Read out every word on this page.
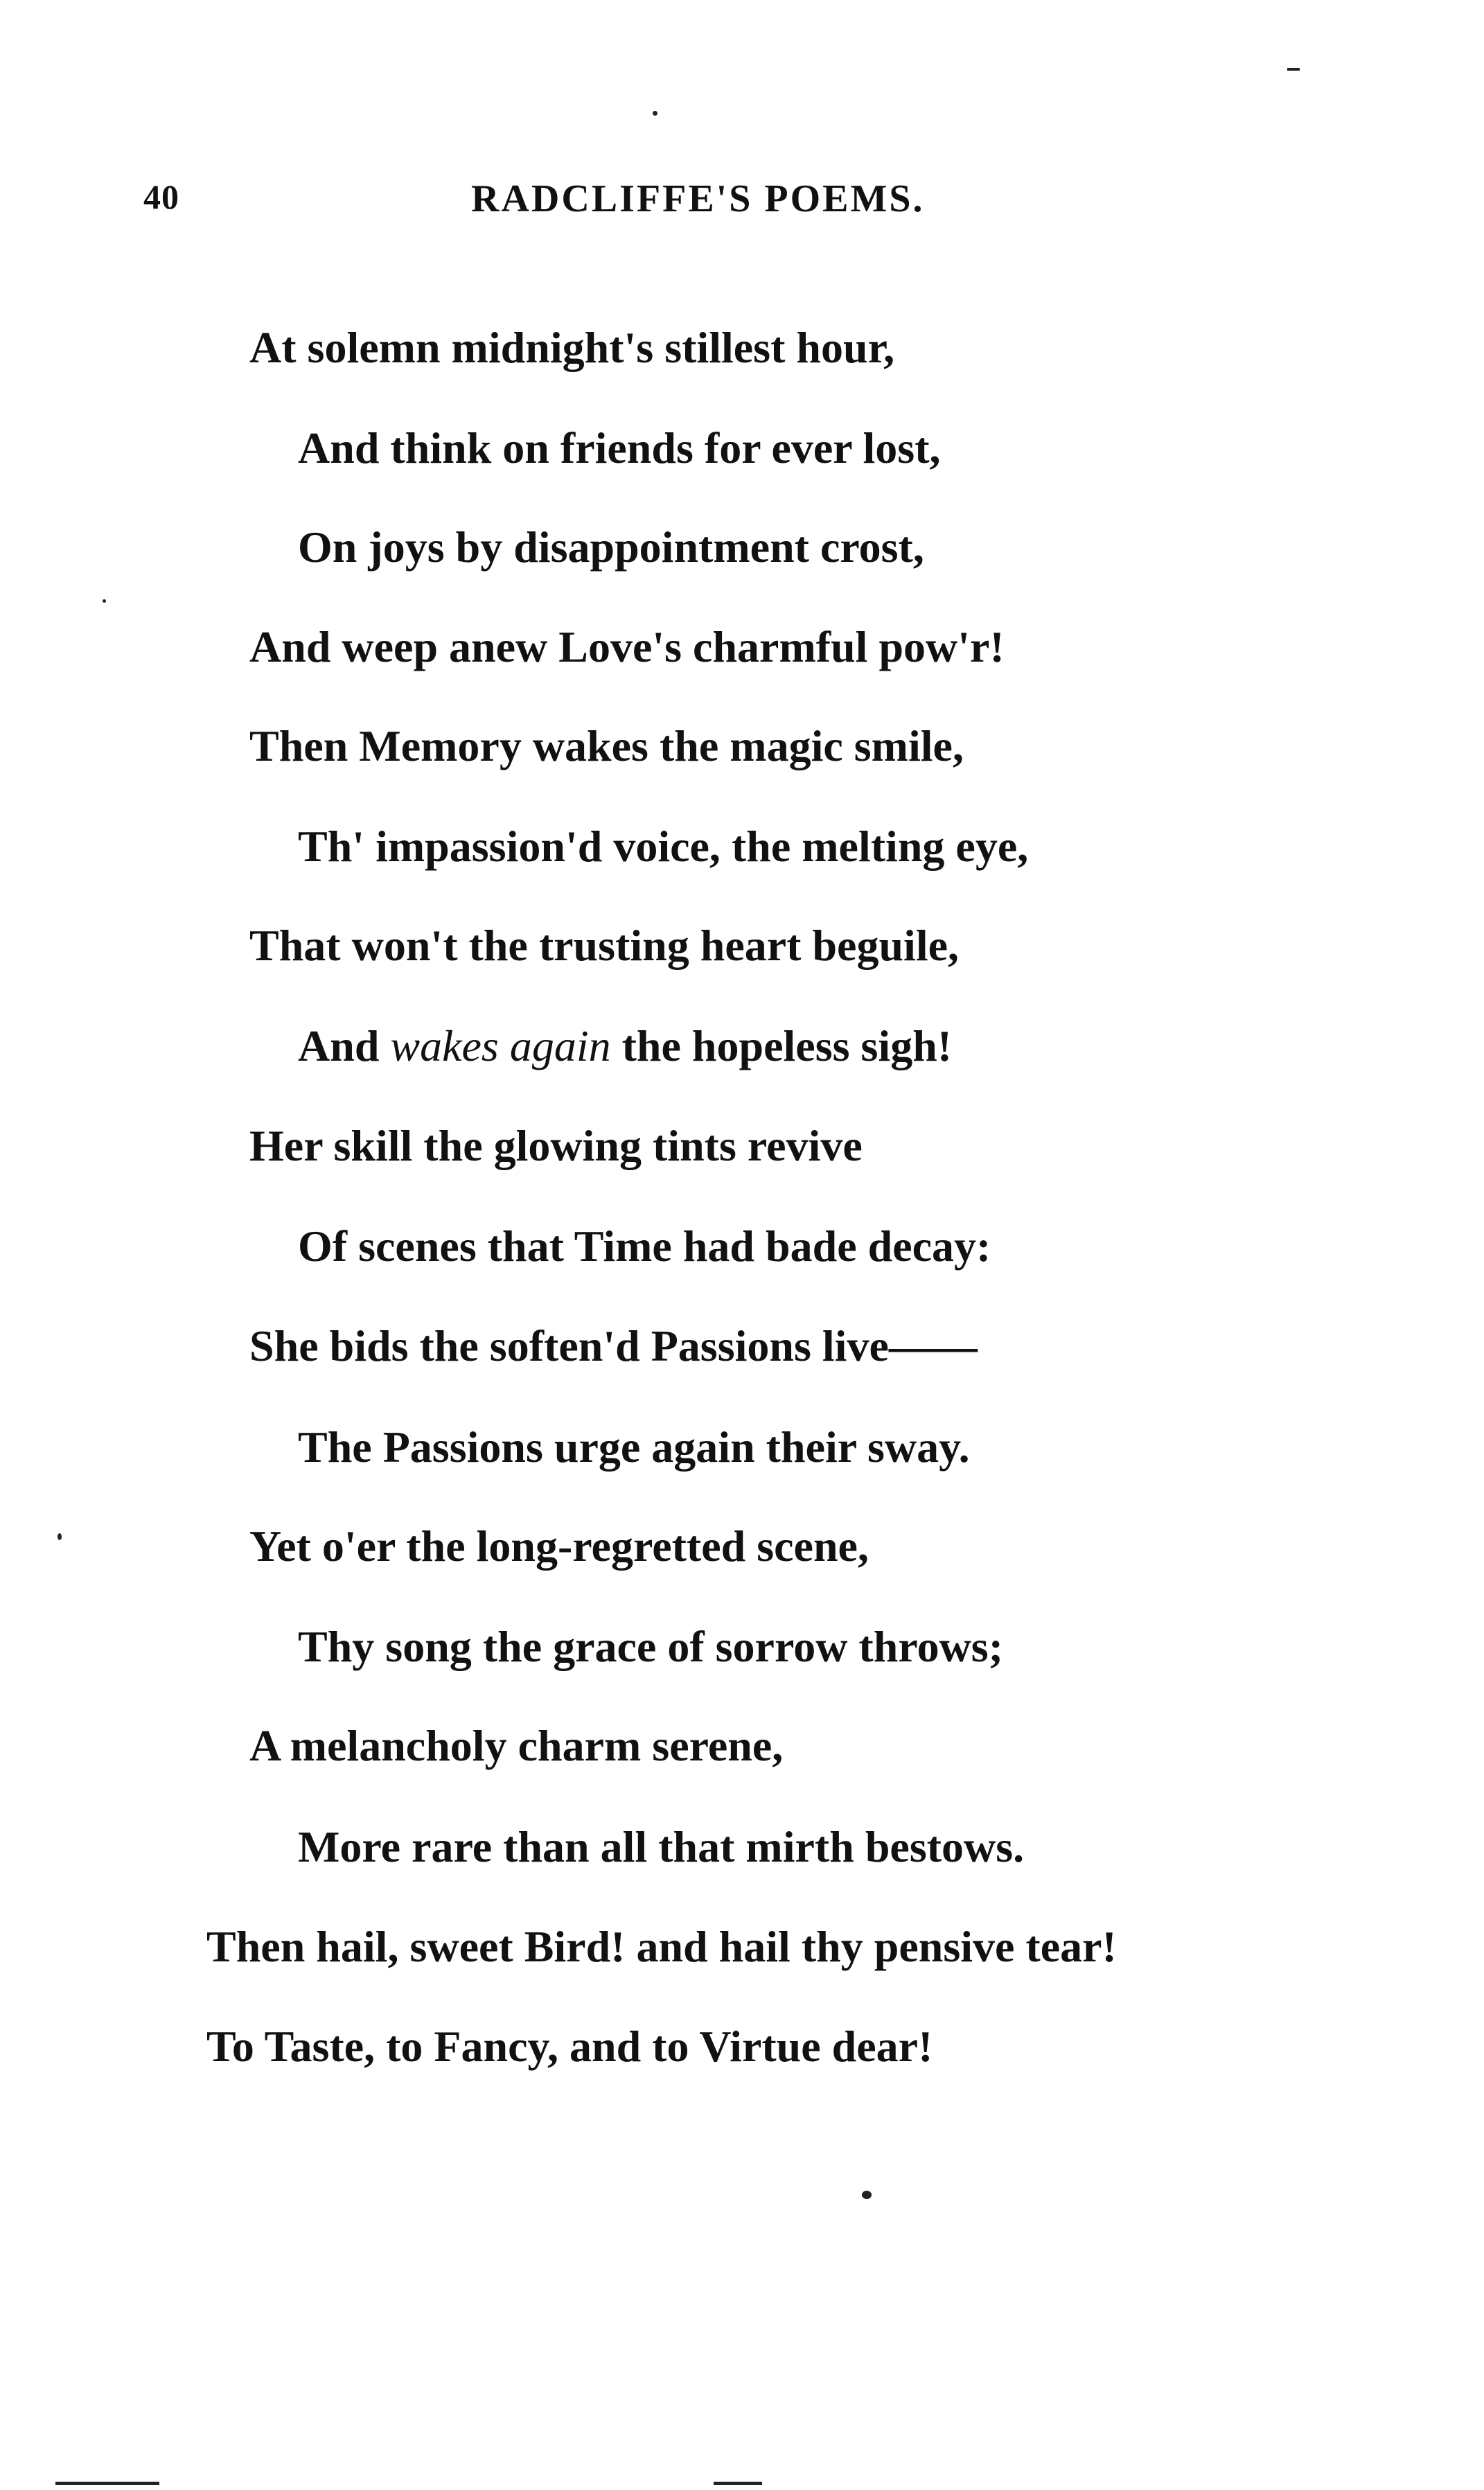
40	RADCLIFFE'S POEMS.
At solemn midnight's stillest hour,
And think on friends for ever lost,
On joys by disappointment crost,
And weep anew Love's charmful pow'r!
Then Memory wakes the magic smile,
Th' impassion'd voice, the melting eye,
That won't the trusting heart beguile,
And wakes again the hopeless sigh!
Her skill the glowing tints revive
Of scenes that Time had bade decay:
She bids the soften'd Passions live——
The Passions urge again their sway.
Yet o'er the long-regretted scene,
Thy song the grace of sorrow throws;
A melancholy charm serene,
More rare than all that mirth bestows.
Then hail, sweet Bird! and hail thy pensive tear!
To Taste, to Fancy, and to Virtue dear!
